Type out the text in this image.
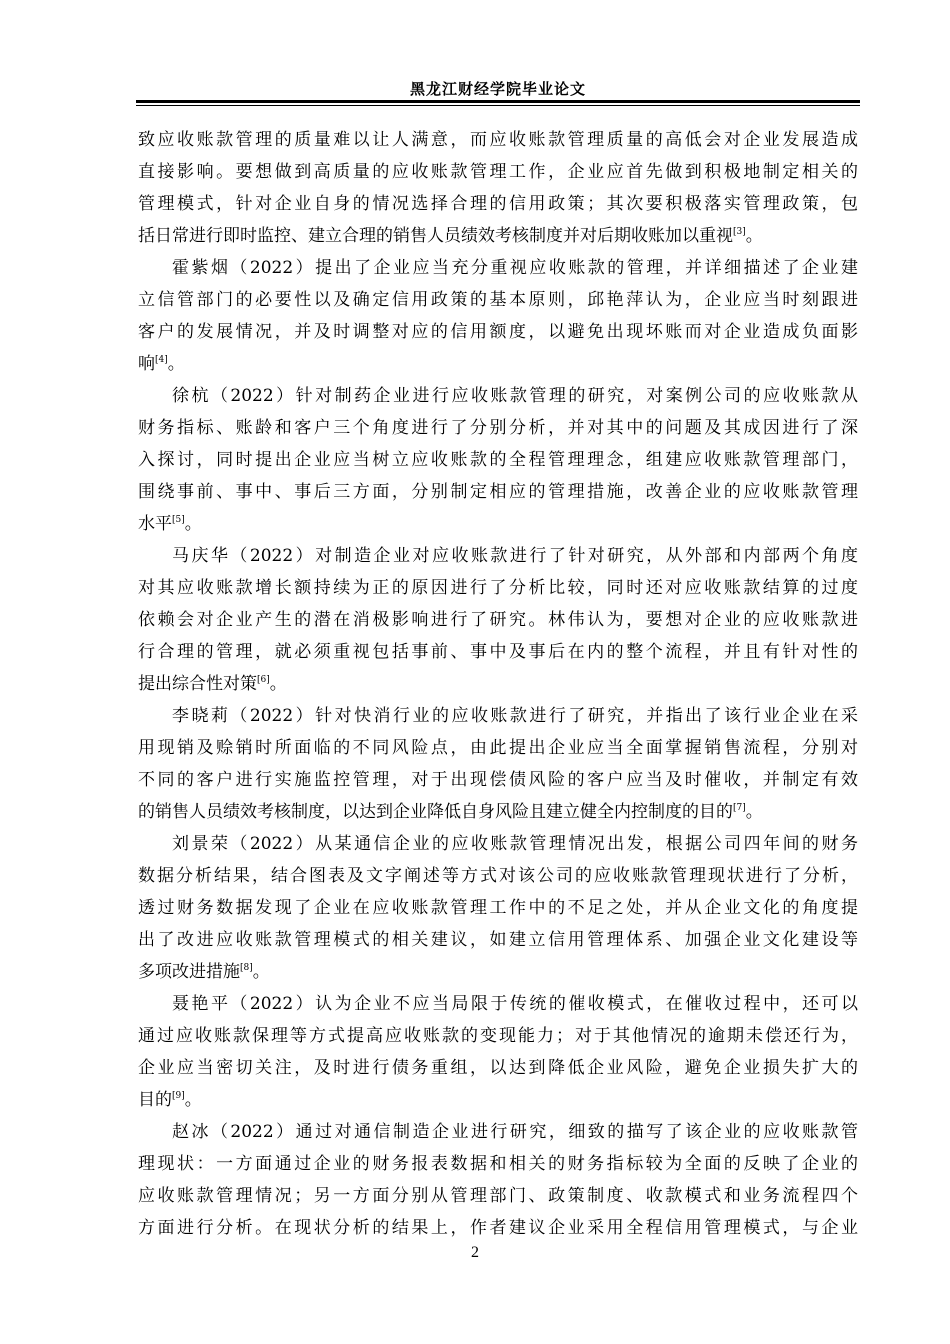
黑龙江财经学院毕业论文
致应收账款管理的质量难以让人满意，而应收账款管理质量的高低会对企业发展造成
直接影响。要想做到高质量的应收账款管理工作，企业应首先做到积极地制定相关的
管理模式，针对企业自身的情况选择合理的信用政策；其次要积极落实管理政策，包
括日常进行即时监控、建立合理的销售人员绩效考核制度并对后期收账加以重视[3]。
霍紫烟（2022）提出了企业应当充分重视应收账款的管理，并详细描述了企业建
立信管部门的必要性以及确定信用政策的基本原则，邱艳萍认为，企业应当时刻跟进
客户的发展情况，并及时调整对应的信用额度，以避免出现坏账而对企业造成负面影
响[4]。
徐杭（2022）针对制药企业进行应收账款管理的研究，对案例公司的应收账款从
财务指标、账龄和客户三个角度进行了分别分析，并对其中的问题及其成因进行了深
入探讨，同时提出企业应当树立应收账款的全程管理理念，组建应收账款管理部门，
围绕事前、事中、事后三方面，分别制定相应的管理措施，改善企业的应收账款管理
水平[5]。
马庆华（2022）对制造企业对应收账款进行了针对研究，从外部和内部两个角度
对其应收账款增长额持续为正的原因进行了分析比较，同时还对应收账款结算的过度
依赖会对企业产生的潜在消极影响进行了研究。林伟认为，要想对企业的应收账款进
行合理的管理，就必须重视包括事前、事中及事后在内的整个流程，并且有针对性的
提出综合性对策[6]。
李晓莉（2022）针对快消行业的应收账款进行了研究，并指出了该行业企业在采
用现销及赊销时所面临的不同风险点，由此提出企业应当全面掌握销售流程，分别对
不同的客户进行实施监控管理，对于出现偿债风险的客户应当及时催收，并制定有效
的销售人员绩效考核制度，以达到企业降低自身风险且建立健全内控制度的目的[7]。
刘景荣（2022）从某通信企业的应收账款管理情况出发，根据公司四年间的财务
数据分析结果，结合图表及文字阐述等方式对该公司的应收账款管理现状进行了分析，
透过财务数据发现了企业在应收账款管理工作中的不足之处，并从企业文化的角度提
出了改进应收账款管理模式的相关建议，如建立信用管理体系、加强企业文化建设等
多项改进措施[8]。
聂艳平（2022）认为企业不应当局限于传统的催收模式，在催收过程中，还可以
通过应收账款保理等方式提高应收账款的变现能力；对于其他情况的逾期未偿还行为，
企业应当密切关注，及时进行债务重组，以达到降低企业风险，避免企业损失扩大的
目的[9]。
赵冰（2022）通过对通信制造企业进行研究，细致的描写了该企业的应收账款管
理现状：一方面通过企业的财务报表数据和相关的财务指标较为全面的反映了企业的
应收账款管理情况；另一方面分别从管理部门、政策制度、收款模式和业务流程四个
方面进行分析。在现状分析的结果上，作者建议企业采用全程信用管理模式，与企业
2
